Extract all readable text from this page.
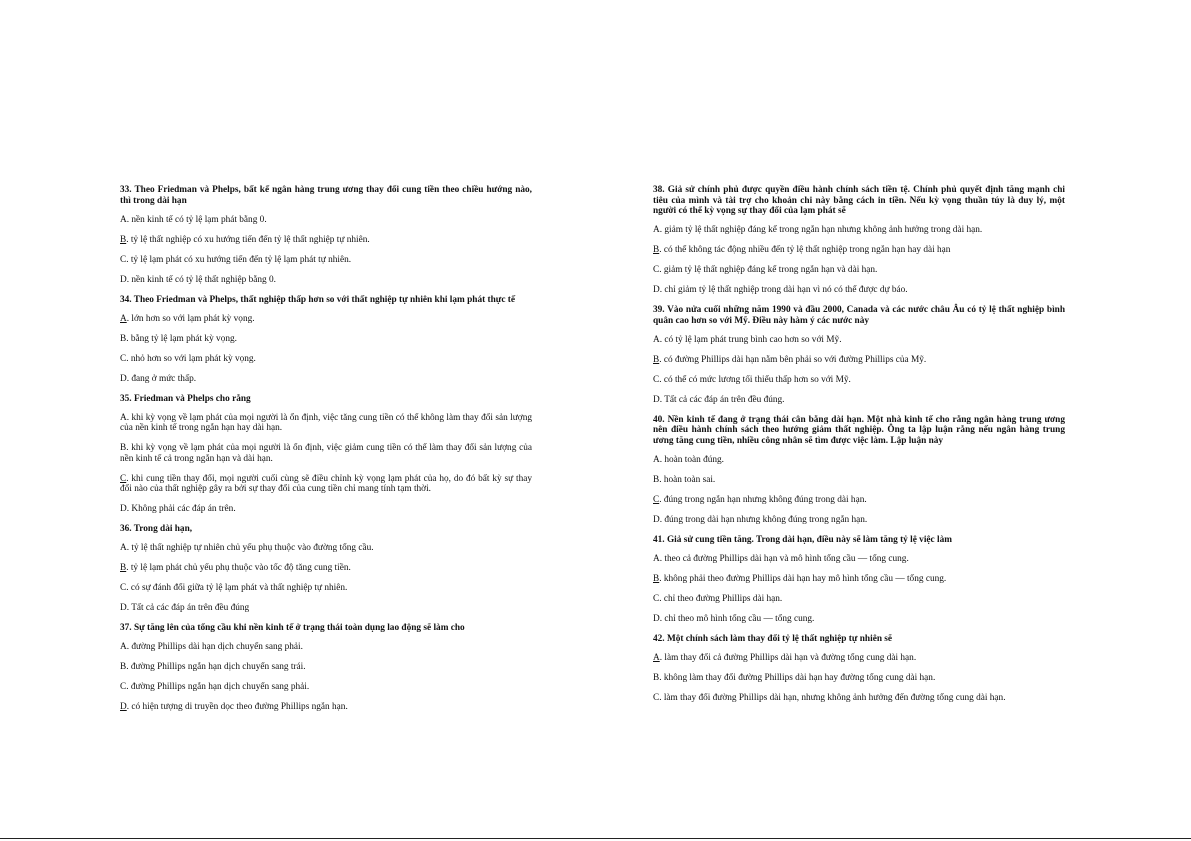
33. Theo Friedman và Phelps, bất kể ngân hàng trung ương thay đổi cung tiền theo chiều hướng nào, thì trong dài hạn
A. nền kinh tế có tỷ lệ lạm phát bằng 0.
B. tỷ lệ thất nghiệp có xu hướng tiến đến tỷ lệ thất nghiệp tự nhiên.
C. tỷ lệ lạm phát có xu hướng tiến đến tỷ lệ lạm phát tự nhiên.
D. nền kinh tế có tỷ lệ thất nghiệp bằng 0.
34. Theo Friedman và Phelps, thất nghiệp thấp hơn so với thất nghiệp tự nhiên khi lạm phát thực tế
A. lớn hơn so với lạm phát kỳ vọng.
B. bằng tỷ lệ lạm phát kỳ vọng.
C. nhỏ hơn so với lạm phát kỳ vọng.
D. đang ở mức thấp.
35. Friedman và Phelps cho rằng
A. khi kỳ vọng về lạm phát của mọi người là ổn định, việc tăng cung tiền có thể không làm thay đổi sản lượng của nền kinh tế trong ngắn hạn hay dài hạn.
B. khi kỳ vọng về lạm phát của mọi người là ổn định, việc giảm cung tiền có thể làm thay đổi sản lượng của nền kinh tế cả trong ngắn hạn và dài hạn.
C. khi cung tiền thay đổi, mọi người cuối cùng sẽ điều chỉnh kỳ vọng lạm phát của họ, do đó bất kỳ sự thay đổi nào của thất nghiệp gây ra bởi sự thay đổi của cung tiền chỉ mang tính tạm thời.
D. Không phải các đáp án trên.
36. Trong dài hạn,
A. tỷ lệ thất nghiệp tự nhiên chủ yếu phụ thuộc vào đường tổng cầu.
B. tỷ lệ lạm phát chủ yếu phụ thuộc vào tốc độ tăng cung tiền.
C. có sự đánh đổi giữa tỷ lệ lạm phát và thất nghiệp tự nhiên.
D. Tất cả các đáp án trên đều đúng
37. Sự tăng lên của tổng cầu khi nền kinh tế ở trạng thái toàn dụng lao động sẽ làm cho
A. đường Phillips dài hạn dịch chuyển sang phải.
B. đường Phillips ngắn hạn dịch chuyển sang trái.
C. đường Phillips ngắn hạn dịch chuyển sang phải.
D. có hiện tượng di truyền dọc theo đường Phillips ngắn hạn.
38. Giả sử chính phủ được quyền điều hành chính sách tiền tệ. Chính phủ quyết định tăng mạnh chi tiêu của mình và tài trợ cho khoản chi này bằng cách in tiền. Nếu kỳ vọng thuần túy là duy lý, một người có thể kỳ vọng sự thay đổi của lạm phát sẽ
A. giảm tỷ lệ thất nghiệp đáng kể trong ngắn hạn nhưng không ảnh hưởng trong dài hạn.
B. có thể không tác động nhiều đến tỷ lệ thất nghiệp trong ngắn hạn hay dài hạn
C. giảm tỷ lệ thất nghiệp đáng kể trong ngắn hạn và dài hạn.
D. chỉ giảm tỷ lệ thất nghiệp trong dài hạn vì nó có thể được dự báo.
39. Vào nửa cuối những năm 1990 và đầu 2000, Canada và các nước châu Âu có tỷ lệ thất nghiệp bình quân cao hơn so với Mỹ. Điều này hàm ý các nước này
A. có tỷ lệ lạm phát trung bình cao hơn so với Mỹ.
B. có đường Phillips dài hạn nằm bên phải so với đường Phillips của Mỹ.
C. có thể có mức lương tối thiểu thấp hơn so với Mỹ.
D. Tất cả các đáp án trên đều đúng.
40. Nền kinh tế đang ở trạng thái cân bằng dài hạn. Một nhà kinh tế cho rằng ngân hàng trung ương nên điều hành chính sách theo hướng giảm thất nghiệp. Ông ta lập luận rằng nếu ngân hàng trung ương tăng cung tiền, nhiều công nhân sẽ tìm được việc làm. Lập luận này
A. hoàn toàn đúng.
B. hoàn toàn sai.
C. đúng trong ngắn hạn nhưng không đúng trong dài hạn.
D. đúng trong dài hạn nhưng không đúng trong ngắn hạn.
41. Giả sử cung tiền tăng. Trong dài hạn, điều này sẽ làm tăng tỷ lệ việc làm
A. theo cả đường Phillips dài hạn và mô hình tổng cầu — tổng cung.
B. không phải theo đường Phillips dài hạn hay mô hình tổng cầu — tổng cung.
C. chỉ theo đường Phillips dài hạn.
D. chỉ theo mô hình tổng cầu — tổng cung.
42. Một chính sách làm thay đổi tỷ lệ thất nghiệp tự nhiên sẽ
A. làm thay đổi cả đường Phillips dài hạn và đường tổng cung dài hạn.
B. không làm thay đổi đường Phillips dài hạn hay đường tổng cung dài hạn.
C. làm thay đổi đường Phillips dài hạn, nhưng không ảnh hưởng đến đường tổng cung dài hạn.
